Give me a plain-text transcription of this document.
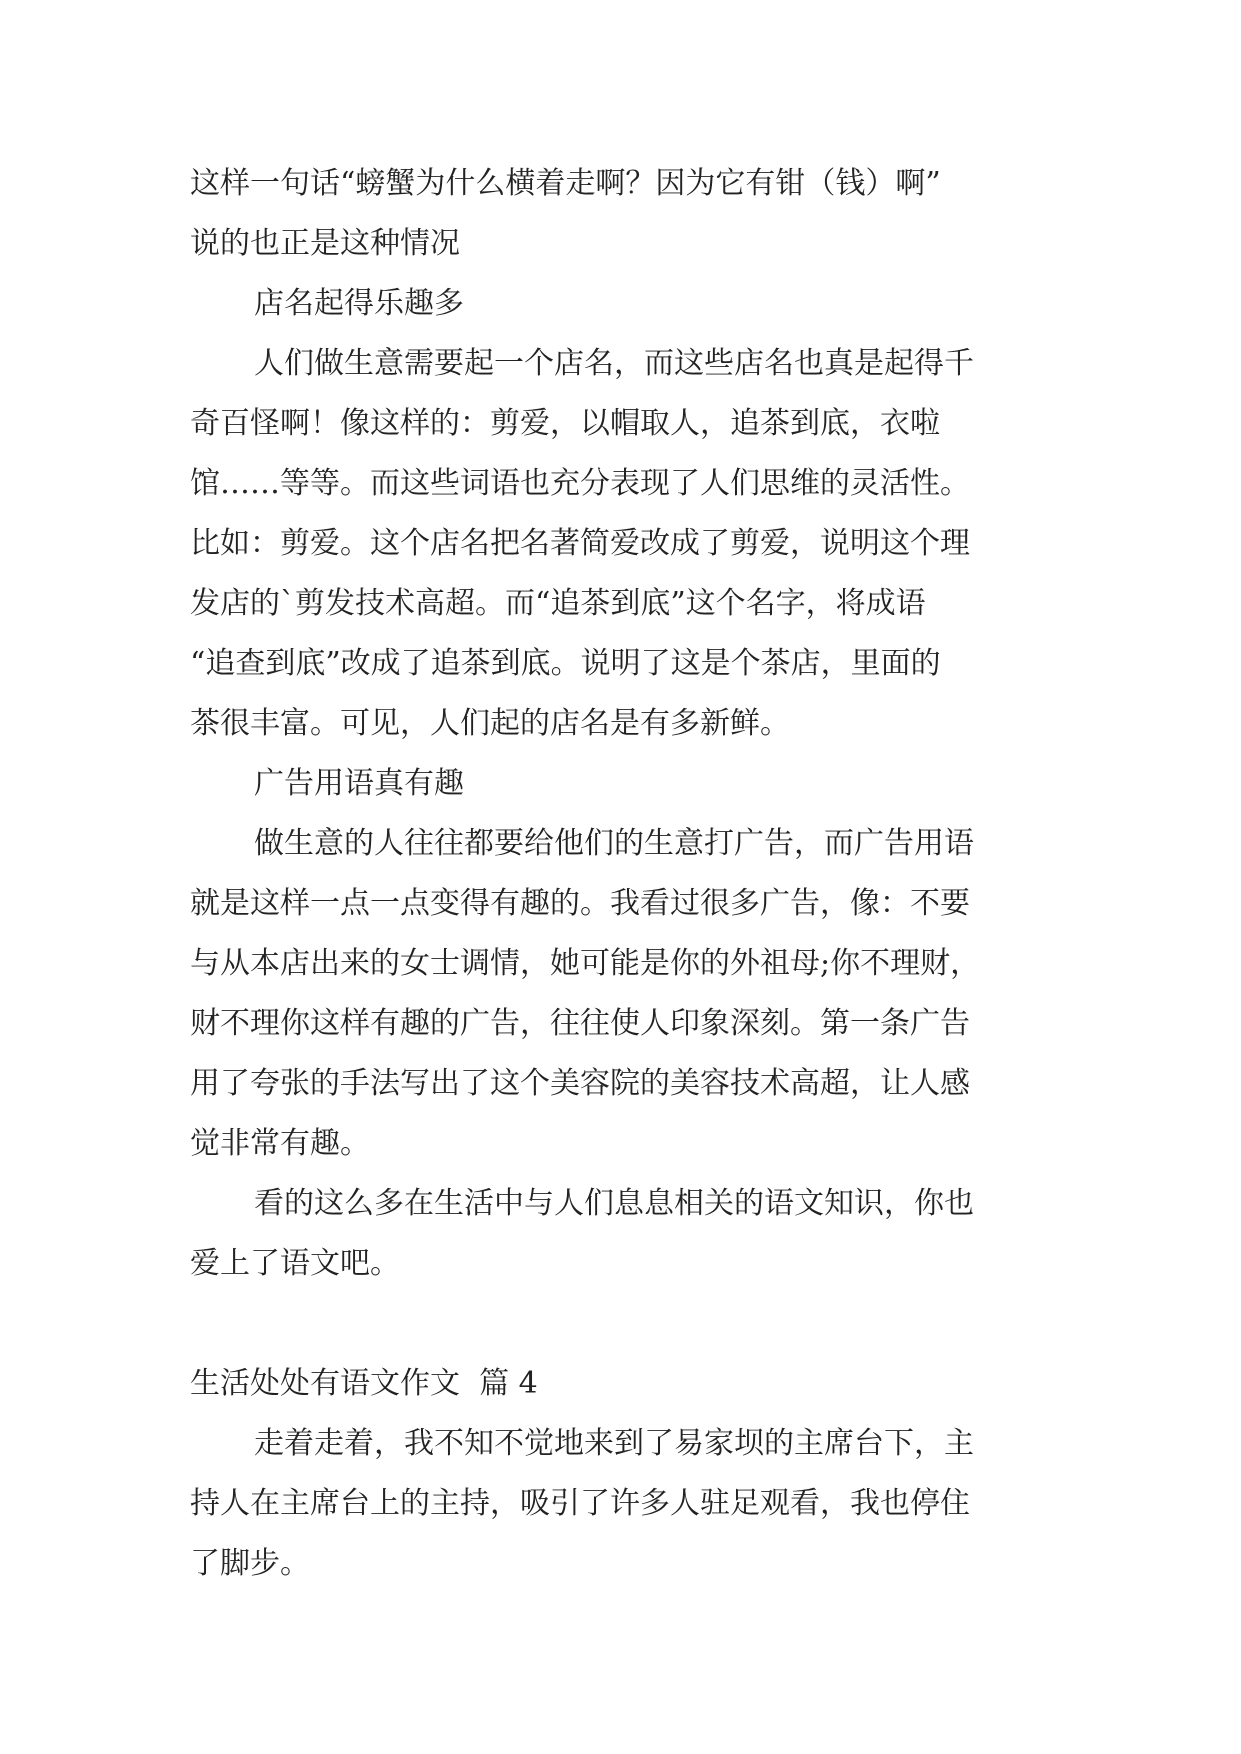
这样一句话“螃蟹为什么横着走啊？因为它有钳（钱）啊”
说的也正是这种情况

店名起得乐趣多

人们做生意需要起一个店名，而这些店名也真是起得千
奇百怪啊！像这样的：剪爱，以帽取人，追茶到底，衣啦
馆……等等。而这些词语也充分表现了人们思维的灵活性。
比如：剪爱。这个店名把名著简爱改成了剪爱，说明这个理
发店的`剪发技术高超。而“追茶到底”这个名字，将成语
“追查到底”改成了追茶到底。说明了这是个茶店，里面的
茶很丰富。可见，人们起的店名是有多新鲜。

广告用语真有趣

做生意的人往往都要给他们的生意打广告，而广告用语
就是这样一点一点变得有趣的。我看过很多广告，像：不要
与从本店出来的女士调情，她可能是你的外祖母;你不理财，
财不理你这样有趣的广告，往往使人印象深刻。第一条广告
用了夸张的手法写出了这个美容院的美容技术高超，让人感
觉非常有趣。

看的这么多在生活中与人们息息相关的语文知识，你也
爱上了语文吧。

生活处处有语文作文  篇 4

走着走着，我不知不觉地来到了易家坝的主席台下，主
持人在主席台上的主持，吸引了许多人驻足观看，我也停住
了脚步。
